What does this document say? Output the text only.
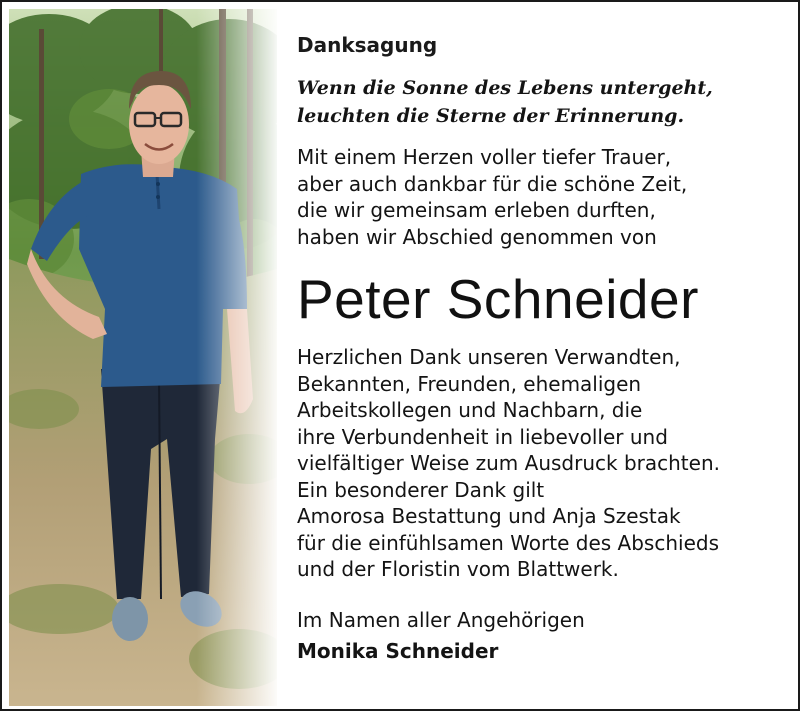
Danksagung
Wenn die Sonne des Lebens untergeht,
leuchten die Sterne der Erinnerung.
Mit einem Herzen voller tiefer Trauer,
aber auch dankbar für die schöne Zeit,
die wir gemeinsam erleben durften,
haben wir Abschied genommen von
Peter Schneider
Herzlichen Dank unseren Verwandten,
Bekannten, Freunden, ehemaligen
Arbeitskollegen und Nachbarn, die
ihre Verbundenheit in liebevoller und
vielfältiger Weise zum Ausdruck brachten.
Ein besonderer Dank gilt
Amorosa Bestattung und Anja Szestak
für die einfühlsamen Worte des Abschieds
und der Floristin vom Blattwerk.
Im Namen aller Angehörigen
Monika Schneider
